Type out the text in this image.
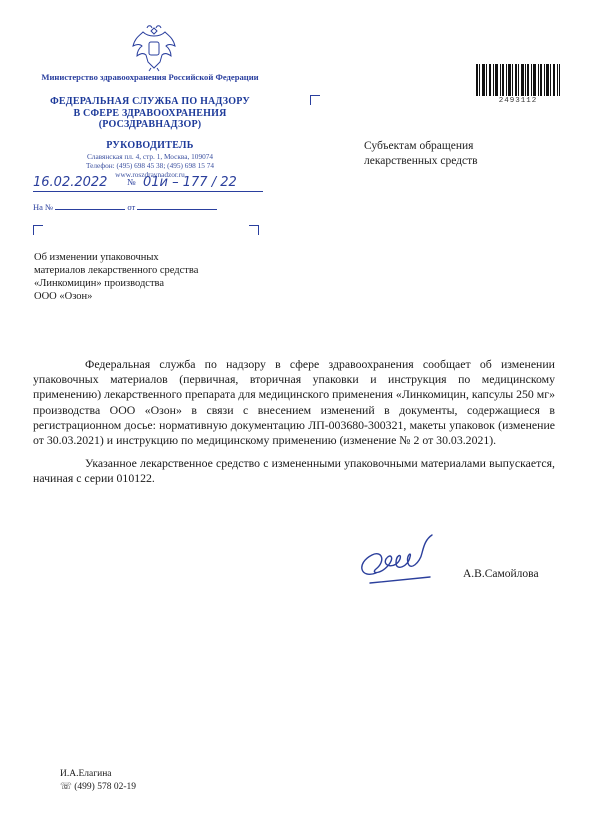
Министерство здравоохранения Российской Федерации
ФЕДЕРАЛЬНАЯ СЛУЖБА ПО НАДЗОРУ
В СФЕРЕ ЗДРАВООХРАНЕНИЯ
(РОСЗДРАВНАДЗОР)
РУКОВОДИТЕЛЬ
Славянская пл. 4, стр. 1, Москва, 109074
Телефон: (495) 698 45 38; (495) 698 15 74
www.roszdravnadzor.ru
16.02.2022 № 01и – 177 / 22
На №	от
2493112
Субъектам обращения
лекарственных средств
Об изменении упаковочных
материалов лекарственного средства
«Линкомицин» производства
ООО «Озон»

Федеральная служба по надзору в сфере здравоохранения сообщает об изменении упаковочных материалов (первичная, вторичная упаковки и инструкция по медицинскому применению) лекарственного препарата для медицинского применения «Линкомицин, капсулы 250 мг» производства ООО «Озон» в связи с внесением изменений в документы, содержащиеся в регистрационном досье: нормативную документацию ЛП-003680-300321, макеты упаковок (изменение от 30.03.2021) и инструкцию по медицинскому применению (изменение № 2 от 30.03.2021).

Указанное лекарственное средство с измененными упаковочными материалами выпускается, начиная с серии 010122.

А.В.Самойлова
И.А.Елагина
☏ (499) 578 02-19
